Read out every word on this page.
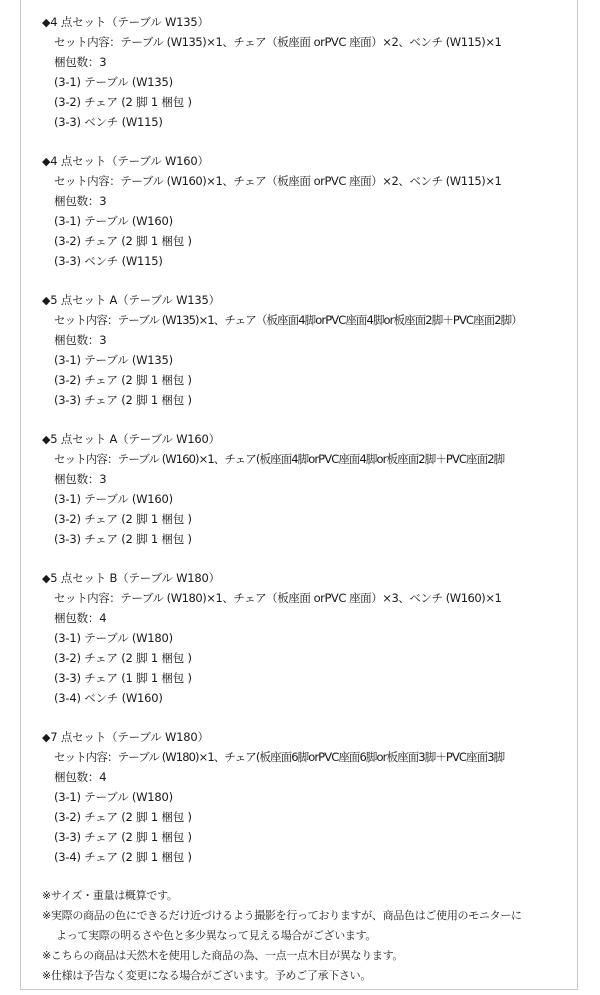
◆4 点セット（テーブル W135）
セット内容：テーブル (W135)×1、チェア（板座面 orPVC 座面）×2、ベンチ (W115)×1
梱包数：3
(3-1) テーブル (W135)
(3-2) チェア (2 脚 1 梱包 )
(3-3) ベンチ (W115)
◆4 点セット（テーブル W160）
セット内容：テーブル (W160)×1、チェア（板座面 orPVC 座面）×2、ベンチ (W115)×1
梱包数：3
(3-1) テーブル (W160)
(3-2) チェア (2 脚 1 梱包 )
(3-3) ベンチ (W115)
◆5 点セット A（テーブル W135）
セット内容：テーブル (W135)×1、チェア（板座面4脚orPVC座面4脚or板座面2脚＋PVC座面2脚）
梱包数：3
(3-1) テーブル (W135)
(3-2) チェア (2 脚 1 梱包 )
(3-3) チェア (2 脚 1 梱包 )
◆5 点セット A（テーブル W160）
セット内容：テーブル (W160)×1、チェア(板座面4脚orPVC座面4脚or板座面2脚＋PVC座面2脚
梱包数：3
(3-1) テーブル (W160)
(3-2) チェア (2 脚 1 梱包 )
(3-3) チェア (2 脚 1 梱包 )
◆5 点セット B（テーブル W180）
セット内容：テーブル (W180)×1、チェア（板座面 orPVC 座面）×3、ベンチ (W160)×1
梱包数：4
(3-1) テーブル (W180)
(3-2) チェア (2 脚 1 梱包 )
(3-3) チェア (1 脚 1 梱包 )
(3-4) ベンチ (W160)
◆7 点セット（テーブル W180）
セット内容：テーブル (W180)×1、チェア(板座面6脚orPVC座面6脚or板座面3脚＋PVC座面3脚
梱包数：4
(3-1) テーブル (W180)
(3-2) チェア (2 脚 1 梱包 )
(3-3) チェア (2 脚 1 梱包 )
(3-4) チェア (2 脚 1 梱包 )
※サイズ・重量は概算です。
※実際の商品の色にできるだけ近づけるよう撮影を行っておりますが、商品色はご使用のモニターに
よって実際の明るさや色と多少異なって見える場合がございます。
※こちらの商品は天然木を使用した商品の為、一点一点木目が異なります。
※仕様は予告なく変更になる場合がございます。予めご了承下さい。
